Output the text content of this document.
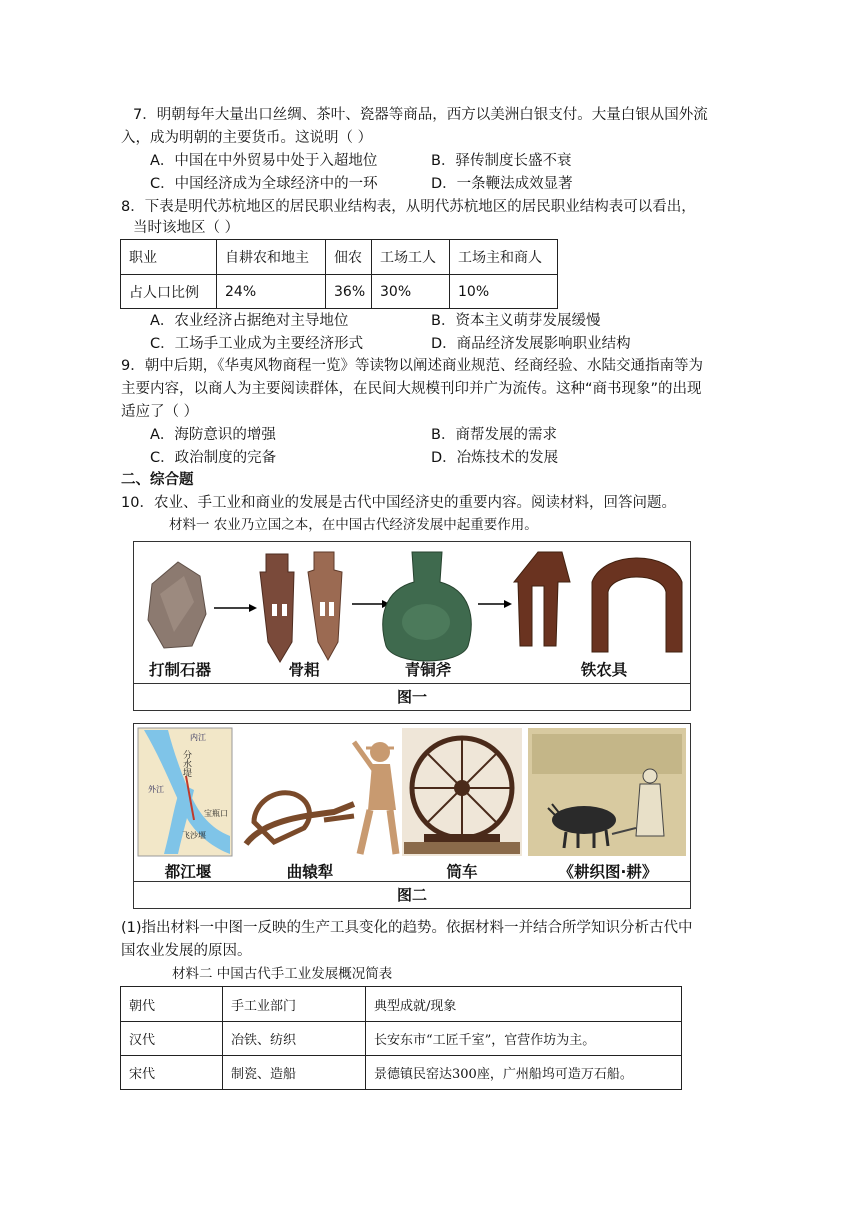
7．明朝每年大量出口丝绸、茶叶、瓷器等商品，西方以美洲白银支付。大量白银从国外流
入，成为明朝的主要货币。这说明（ ）
A．中国在中外贸易中处于入超地位	B．驿传制度长盛不衰
C．中国经济成为全球经济中的一环	D．一条鞭法成效显著
8．下表是明代苏杭地区的居民职业结构表，从明代苏杭地区的居民职业结构表可以看出，
当时该地区（ ）
职业	自耕农和地主	佃农	工场工人	工场主和商人
占人口比例	24%	36%	30%	10%
A．农业经济占据绝对主导地位	B．资本主义萌芽发展缓慢
C．工场手工业成为主要经济形式	D．商品经济发展影响职业结构
9．朝中后期，《华夷风物商程一览》等读物以阐述商业规范、经商经验、水陆交通指南等为
主要内容，以商人为主要阅读群体，在民间大规模刊印并广为流传。这种“商书现象”的出现
适应了（ ）
A．海防意识的增强	B．商帮发展的需求
C．政治制度的完备	D．冶炼技术的发展
二、综合题
10．农业、手工业和商业的发展是古代中国经济史的重要内容。阅读材料，回答问题。
材料一 农业乃立国之本，在中国古代经济发展中起重要作用。
打制石器	骨耜	青铜斧	铁农具
图一
分水堤
飞沙堰
宝瓶口
内江
外江
都江堰	曲辕犁	筒车	《耕织图·耕》
图二
(1)指出材料一中图一反映的生产工具变化的趋势。依据材料一并结合所学知识分析古代中
国农业发展的原因。
材料二 中国古代手工业发展概况简表
朝代	手工业部门	典型成就/现象
汉代	冶铁、纺织	长安东市“工匠千室”，官营作坊为主。
宋代	制瓷、造船	景德镇民窑达300座，广州船坞可造万石船。
